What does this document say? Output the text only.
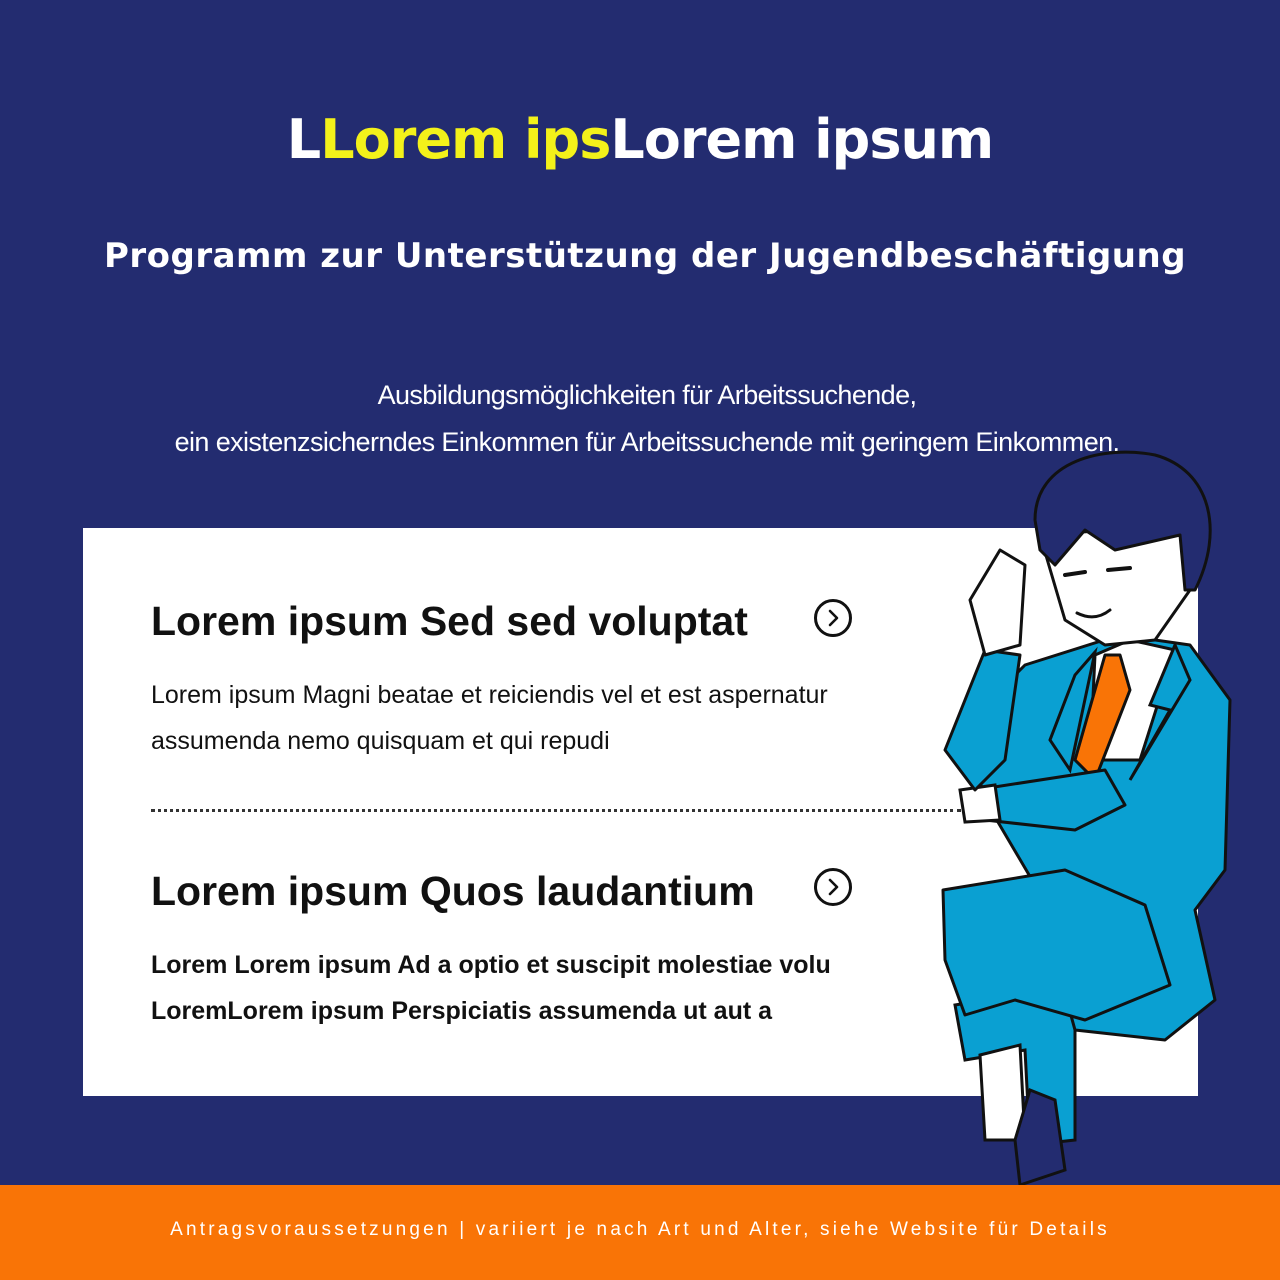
LLorem ipsLorem ipsum
Programm zur Unterstützung der Jugendbeschäftigung
Ausbildungsmöglichkeiten für Arbeitssuchende,
ein existenzsicherndes Einkommen für Arbeitssuchende mit geringem Einkommen.
Lorem ipsum Sed sed voluptat
Lorem ipsum Magni beatae et reiciendis vel et est aspernatur
assumenda nemo quisquam et qui repudi
Lorem ipsum Quos laudantium
Lorem Lorem ipsum Ad a optio et suscipit molestiae volu
LoremLorem ipsum Perspiciatis assumenda ut aut a
Antragsvoraussetzungen | variiert je nach Art und Alter, siehe Website für Details
